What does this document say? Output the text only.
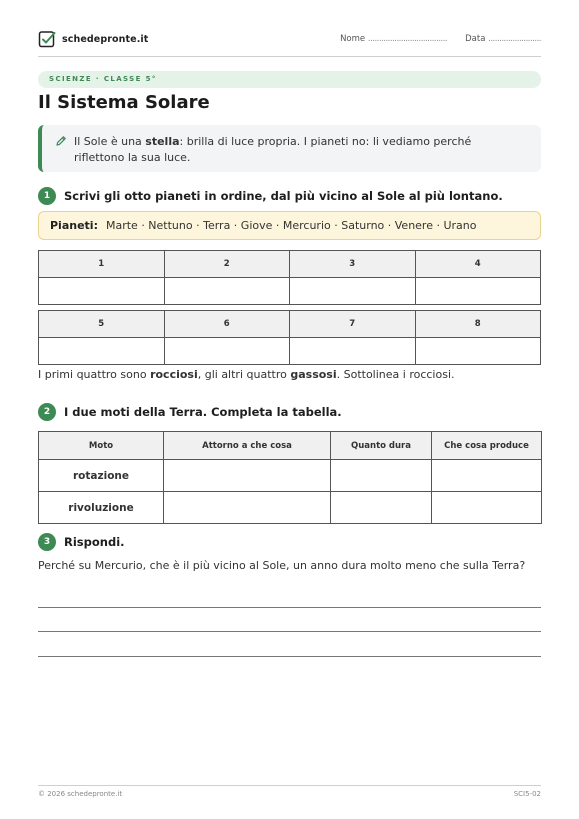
schedepronte.it	Nome .................................... Data ........................
SCIENZE · CLASSE 5°
Il Sistema Solare
Il Sole è una stella: brilla di luce propria. I pianeti no: li vediamo perché riflettono la sua luce.
1	Scrivi gli otto pianeti in ordine, dal più vicino al Sole al più lontano.
Pianeti: Marte · Nettuno · Terra · Giove · Mercurio · Saturno · Venere · Urano
1	2	3	4

5	6	7	8

I primi quattro sono rocciosi, gli altri quattro gassosi. Sottolinea i rocciosi.
2	I due moti della Terra. Completa la tabella.
Moto	Attorno a che cosa	Quanto dura	Che cosa produce
rotazione			
rivoluzione			
3	Rispondi.
Perché su Mercurio, che è il più vicino al Sole, un anno dura molto meno che sulla Terra?
© 2026 schedepronte.it	SCI5-02
